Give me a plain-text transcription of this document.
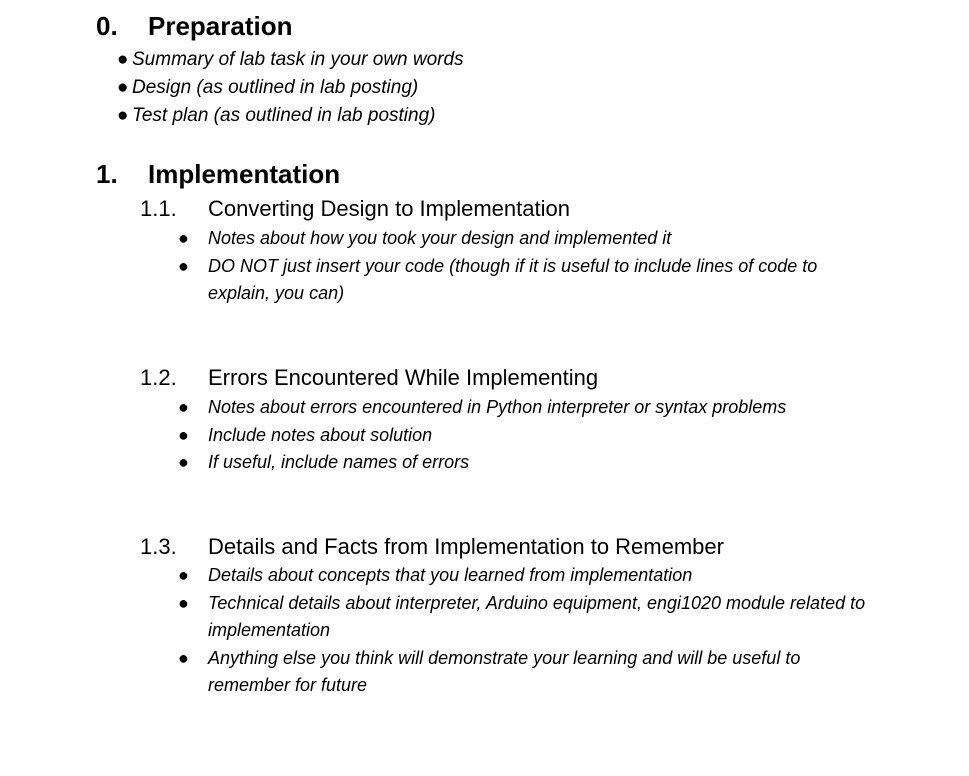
0. Preparation
● Summary of lab task in your own words
● Design (as outlined in lab posting)
● Test plan (as outlined in lab posting)
1. Implementation
1.1. Converting Design to Implementation
● Notes about how you took your design and implemented it
● DO NOT just insert your code (though if it is useful to include lines of code to explain, you can)
1.2. Errors Encountered While Implementing
● Notes about errors encountered in Python interpreter or syntax problems
● Include notes about solution
● If useful, include names of errors
1.3. Details and Facts from Implementation to Remember
● Details about concepts that you learned from implementation
● Technical details about interpreter, Arduino equipment, engi1020 module related to implementation
● Anything else you think will demonstrate your learning and will be useful to remember for future
